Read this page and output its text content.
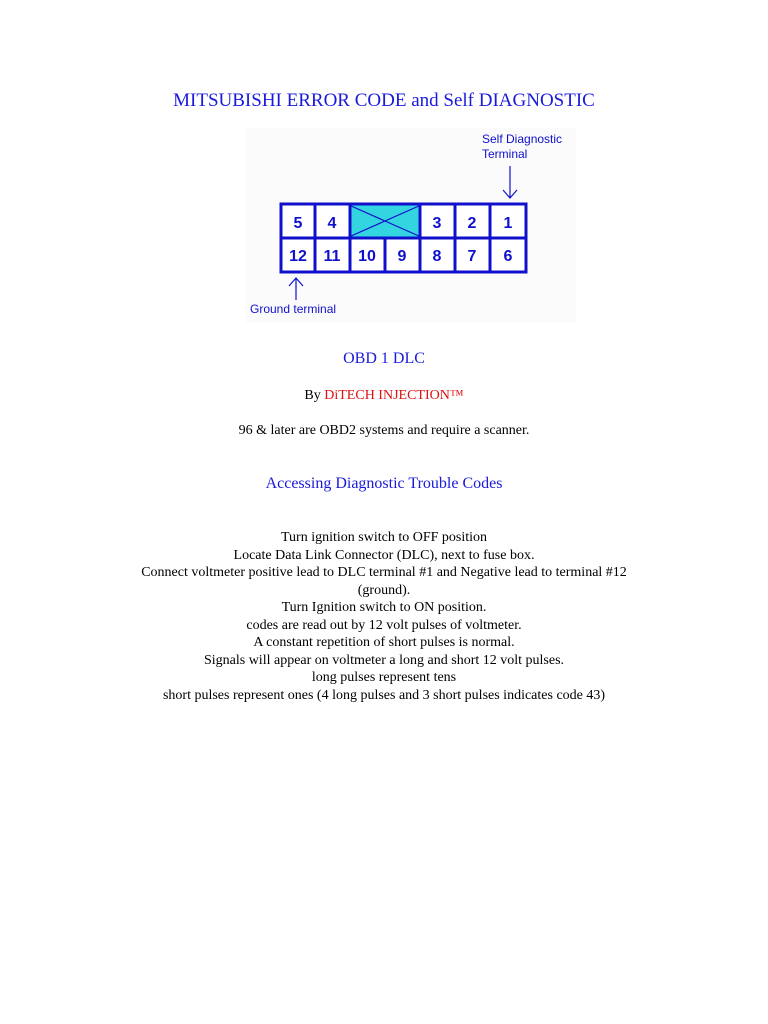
MITSUBISHI ERROR CODE and Self DIAGNOSTIC
Self Diagnostic
Terminal
5 4	3 2 1
12 11 10 9 8 7 6
Ground terminal
OBD 1 DLC
By DiTECH INJECTION™
96 & later are OBD2 systems and require a scanner.
Accessing Diagnostic Trouble Codes
Turn ignition switch to OFF position
Locate Data Link Connector (DLC), next to fuse box.
Connect voltmeter positive lead to DLC terminal #1 and Negative lead to terminal #12
(ground).
Turn Ignition switch to ON position.
codes are read out by 12 volt pulses of voltmeter.
A constant repetition of short pulses is normal.
Signals will appear on voltmeter a long and short 12 volt pulses.
long pulses represent tens
short pulses represent ones (4 long pulses and 3 short pulses indicates code 43)
